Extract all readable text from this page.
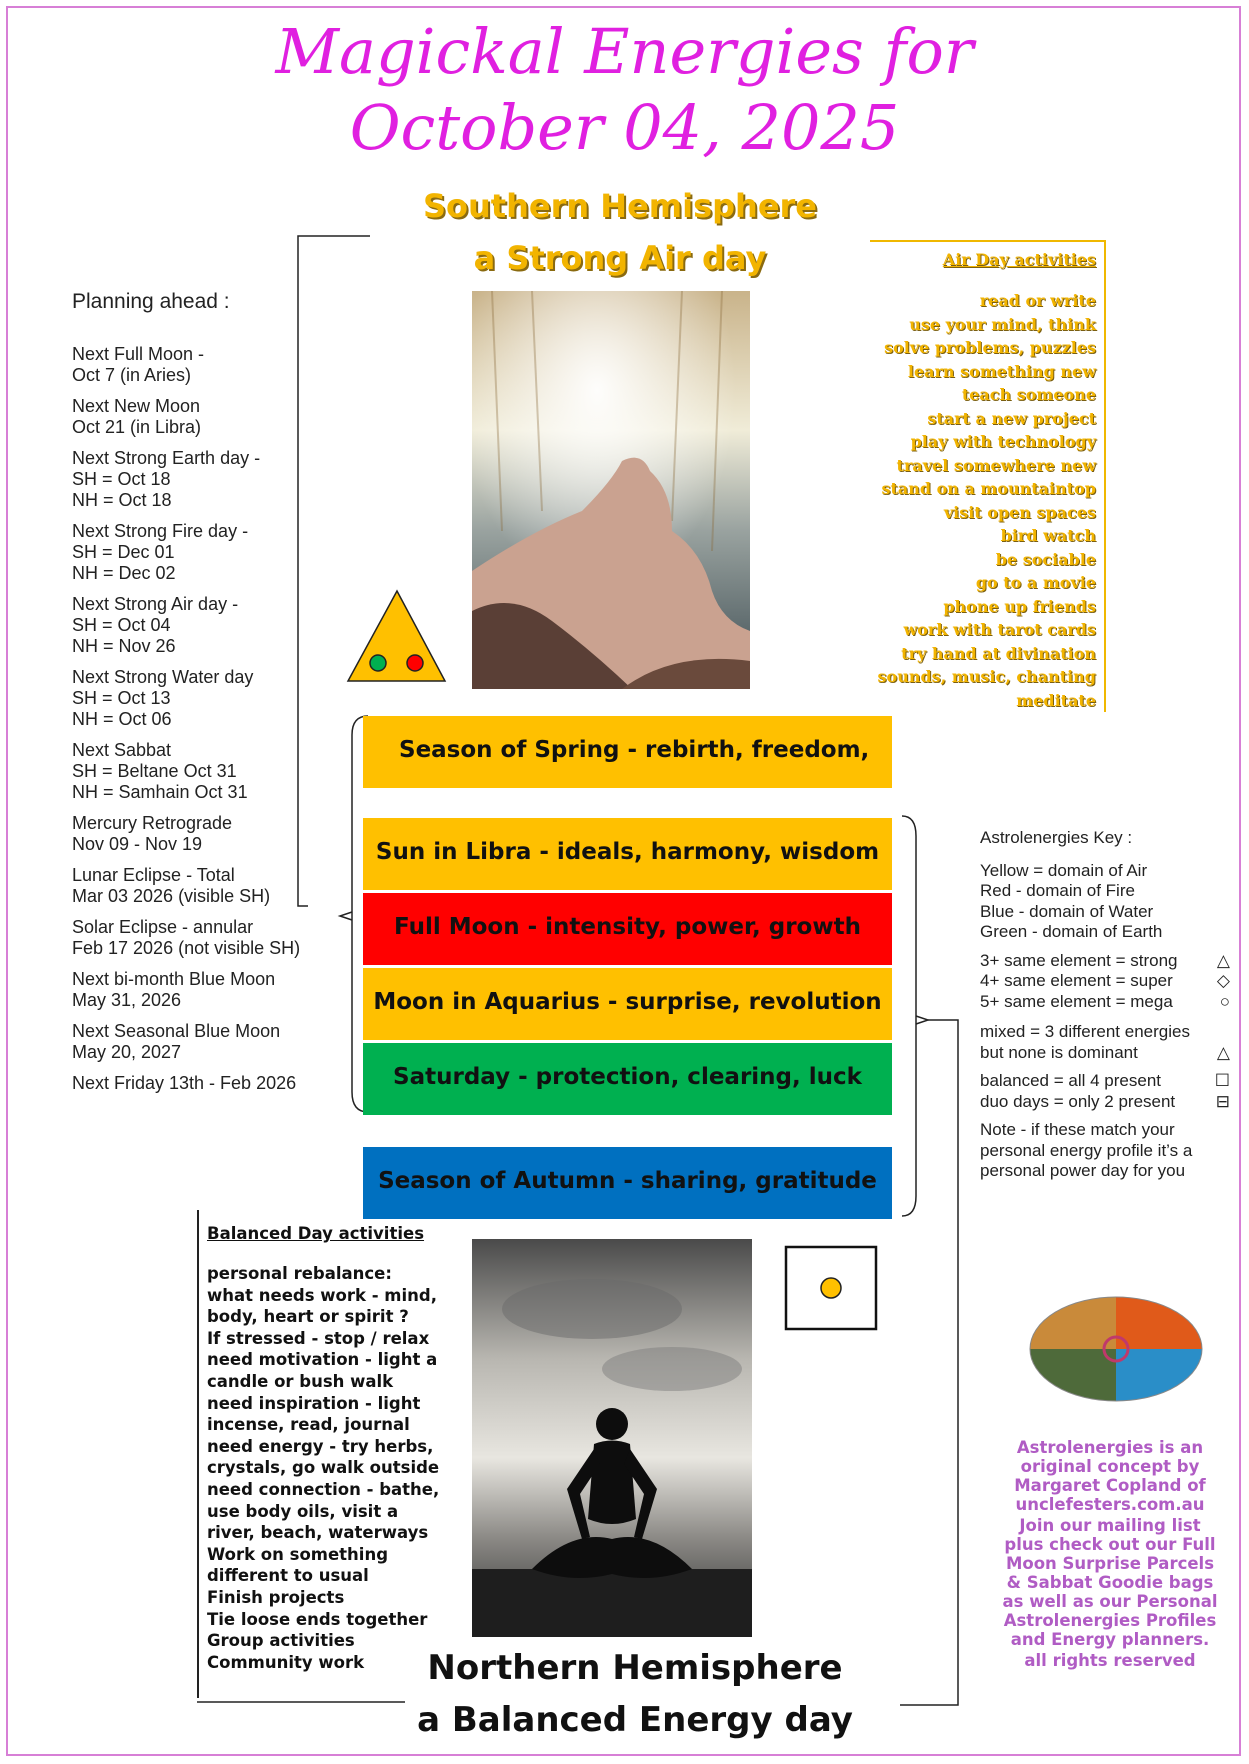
Magickal Energies for
October 04, 2025
Southern Hemisphere
a Strong Air day
Planning ahead :
Next Full Moon -
Oct 7 (in Aries)
Next New Moon
Oct 21 (in Libra)
Next Strong Earth day -
SH = Oct 18
NH = Oct 18
Next Strong Fire day -
SH = Dec 01
NH = Dec 02
Next Strong Air day -
SH = Oct 04
NH = Nov 26
Next Strong Water day
SH = Oct 13
NH = Oct 06
Next Sabbat
SH = Beltane Oct 31
NH = Samhain Oct 31
Mercury Retrograde
Nov 09 - Nov 19
Lunar Eclipse - Total
Mar 03 2026 (visible SH)
Solar Eclipse - annular
Feb 17 2026 (not visible SH)
Next bi-month Blue Moon
May 31, 2026
Next Seasonal Blue Moon
May 20, 2027
Next Friday 13th - Feb 2026
Air Day activities
read or write
use your mind, think
solve problems, puzzles
learn something new
teach someone
start a new project
play with technology
travel somewhere new
stand on a mountaintop
visit open spaces
bird watch
be sociable
go to a movie
phone up friends
work with tarot cards
try hand at divination
sounds, music, chanting
meditate
Season of Spring - rebirth, freedom,
Sun in Libra - ideals, harmony, wisdom
Full Moon - intensity, power, growth
Moon in Aquarius - surprise, revolution
Saturday - protection, clearing, luck
Season of Autumn - sharing, gratitude
Astrolenergies Key :
Yellow = domain of Air
Red - domain of Fire
Blue - domain of Water
Green - domain of Earth
3+ same element = strong △
4+ same element = super	◇
5+ same element = mega	○
mixed = 3 different energies
but none is dominant	△
balanced = all 4 present	☐
duo days = only 2 present ⊟
Note - if these match your
personal energy profile it’s a
personal power day for you
Balanced Day activities
personal rebalance:
what needs work - mind,
body, heart or spirit ?
If stressed - stop / relax
need motivation - light a
candle or bush walk
need inspiration - light
incense, read, journal
need energy - try herbs,
crystals, go walk outside
need connection - bathe,
use body oils, visit a
river, beach, waterways
Work on something
different to usual
Finish projects
Tie loose ends together
Group activities
Community work	Northern Hemisphere
a Balanced Energy day

Astrolenergies is an original concept by Margaret Copland of unclefesters.com.au

Join our mailing list plus check out our Full Moon Surprise Parcels & Sabbat Goodie bags as well as our Personal Astrolenergies Profiles and Energy planners.

all rights reserved
